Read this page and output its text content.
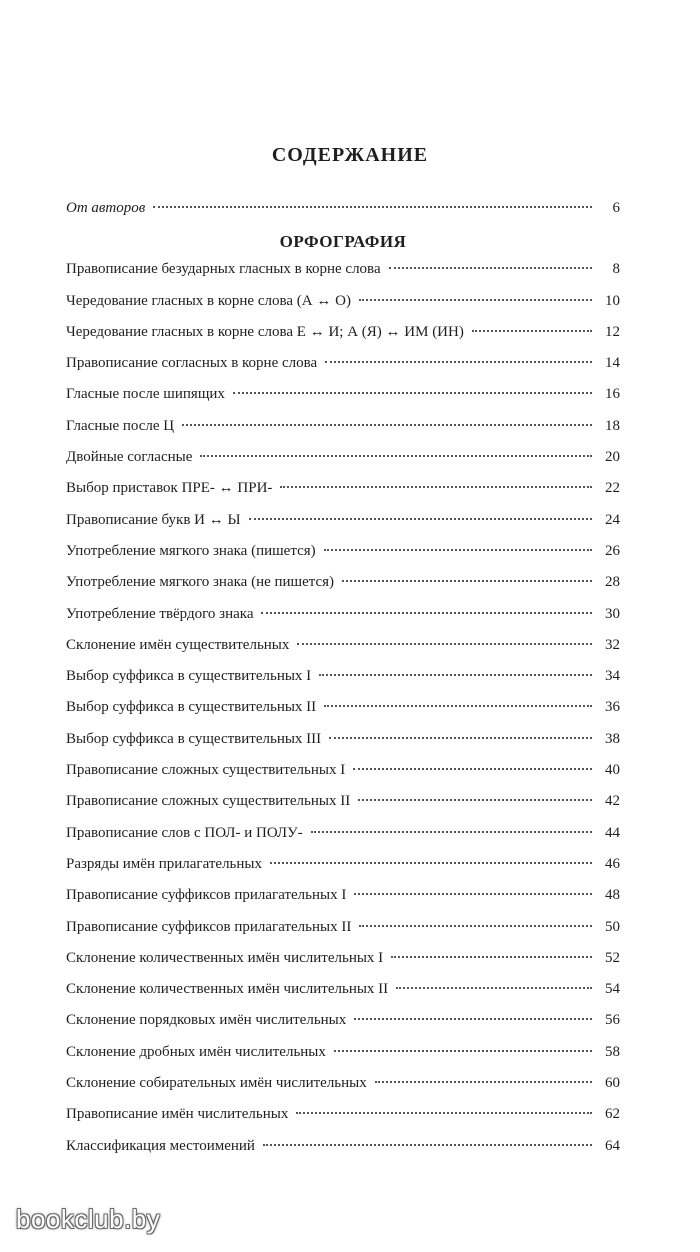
СОДЕРЖАНИЕ
От авторов	6
ОРФОГРАФИЯ
Правописание безударных гласных в корне слова	8
Чередование гласных в корне слова (А ↔ О)	10
Чередование гласных в корне слова Е ↔ И; А (Я) ↔ ИМ (ИН)	12
Правописание согласных в корне слова	14
Гласные после шипящих	16
Гласные после Ц	18
Двойные согласные	20
Выбор приставок ПРЕ- ↔ ПРИ-	22
Правописание букв И ↔ Ы	24
Употребление мягкого знака (пишется)	26
Употребление мягкого знака (не пишется)	28
Употребление твёрдого знака	30
Склонение имён существительных	32
Выбор суффикса в существительных I	34
Выбор суффикса в существительных II	36
Выбор суффикса в существительных III	38
Правописание сложных существительных I	40
Правописание сложных существительных II	42
Правописание слов с ПОЛ- и ПОЛУ-	44
Разряды имён прилагательных	46
Правописание суффиксов прилагательных I	48
Правописание суффиксов прилагательных II	50
Склонение количественных имён числительных I	52
Склонение количественных имён числительных II	54
Склонение порядковых имён числительных	56
Склонение дробных имён числительных	58
Склонение собирательных имён числительных	60
Правописание имён числительных	62
Классификация местоимений	64
bookclub.by
